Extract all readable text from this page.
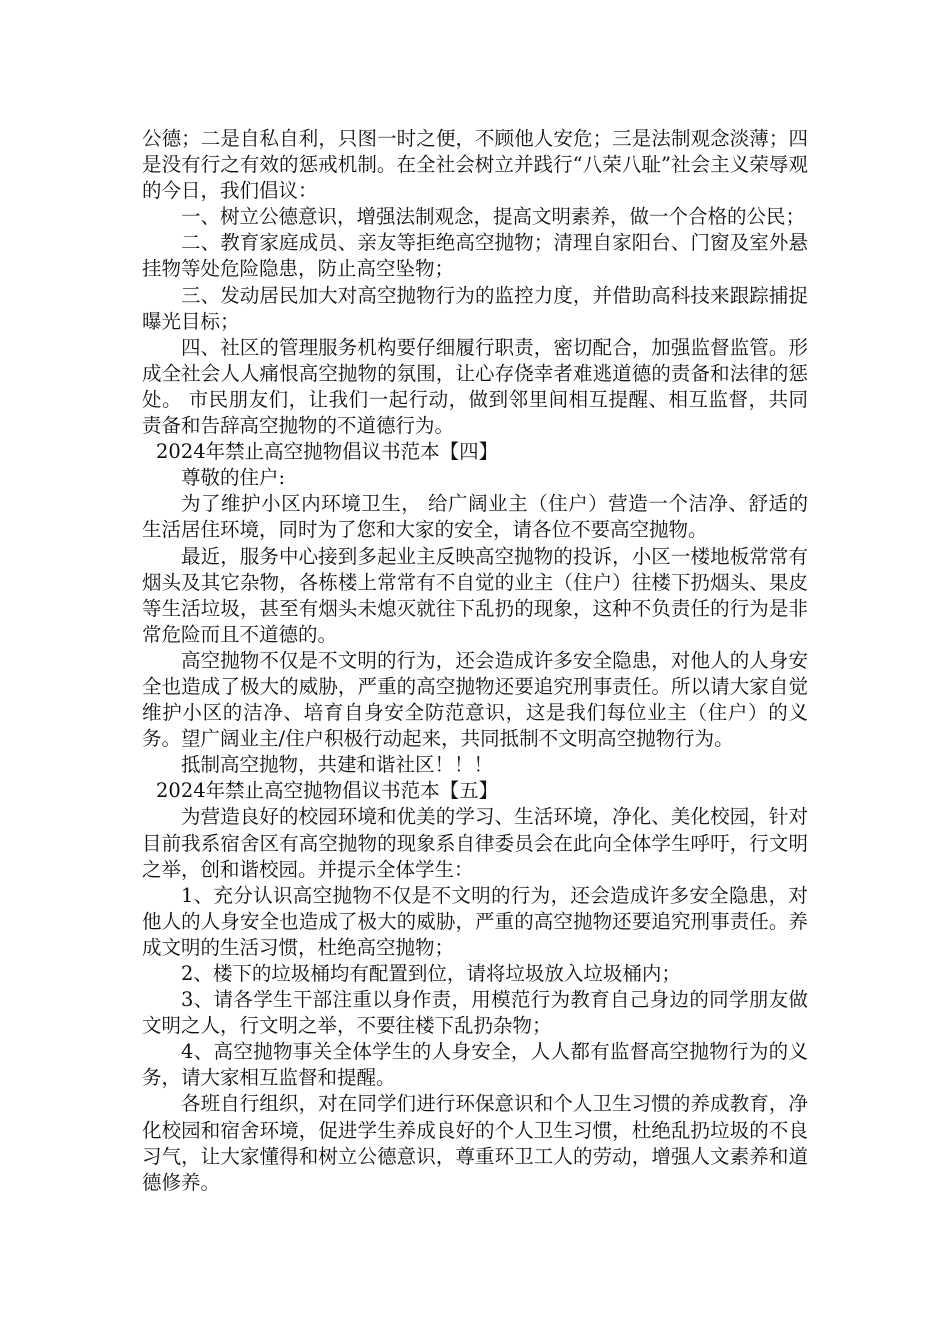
公德；二是自私自利，只图一时之便，不顾他人安危；三是法制观念淡薄；四是没有行之有效的惩戒机制。在全社会树立并践行“八荣八耻”社会主义荣辱观的今日，我们倡议：

一、树立公德意识，增强法制观念，提高文明素养，做一个合格的公民；

二、教育家庭成员、亲友等拒绝高空抛物；清理自家阳台、门窗及室外悬挂物等处危险隐患，防止高空坠物；

三、发动居民加大对高空抛物行为的监控力度，并借助高科技来跟踪捕捉曝光目标；

四、社区的管理服务机构要仔细履行职责，密切配合，加强监督监管。形成全社会人人痛恨高空抛物的氛围，让心存侥幸者难逃道德的责备和法律的惩处。 市民朋友们，让我们一起行动，做到邻里间相互提醒、相互监督，共同责备和告辞高空抛物的不道德行为。

2024年禁止高空抛物倡议书范本【四】

尊敬的住户:

为了维护小区内环境卫生， 给广阔业主（住户）营造一个洁净、舒适的生活居住环境，同时为了您和大家的安全，请各位不要高空抛物。

最近，服务中心接到多起业主反映高空抛物的投诉，小区一楼地板常常有烟头及其它杂物，各栋楼上常常有不自觉的业主（住户）往楼下扔烟头、果皮等生活垃圾，甚至有烟头未熄灭就往下乱扔的现象，这种不负责任的行为是非常危险而且不道德的。

高空抛物不仅是不文明的行为，还会造成许多安全隐患，对他人的人身安全也造成了极大的威胁，严重的高空抛物还要追究刑事责任。所以请大家自觉维护小区的洁净、培育自身安全防范意识，这是我们每位业主（住户）的义务。望广阔业主/住户积极行动起来，共同抵制不文明高空抛物行为。

抵制高空抛物，共建和谐社区！！！

2024年禁止高空抛物倡议书范本【五】

为营造良好的校园环境和优美的学习、生活环境，净化、美化校园，针对目前我系宿舍区有高空抛物的现象系自律委员会在此向全体学生呼吁，行文明之举，创和谐校园。并提示全体学生：

1、充分认识高空抛物不仅是不文明的行为，还会造成许多安全隐患，对他人的人身安全也造成了极大的威胁，严重的高空抛物还要追究刑事责任。养成文明的生活习惯，杜绝高空抛物；

2、楼下的垃圾桶均有配置到位，请将垃圾放入垃圾桶内；

3、请各学生干部注重以身作责，用模范行为教育自己身边的同学朋友做文明之人，行文明之举，不要往楼下乱扔杂物；

4、高空抛物事关全体学生的人身安全，人人都有监督高空抛物行为的义务，请大家相互监督和提醒。

各班自行组织，对在同学们进行环保意识和个人卫生习惯的养成教育，净化校园和宿舍环境，促进学生养成良好的个人卫生习惯，杜绝乱扔垃圾的不良习气，让大家懂得和树立公德意识，尊重环卫工人的劳动，增强人文素养和道德修养。
